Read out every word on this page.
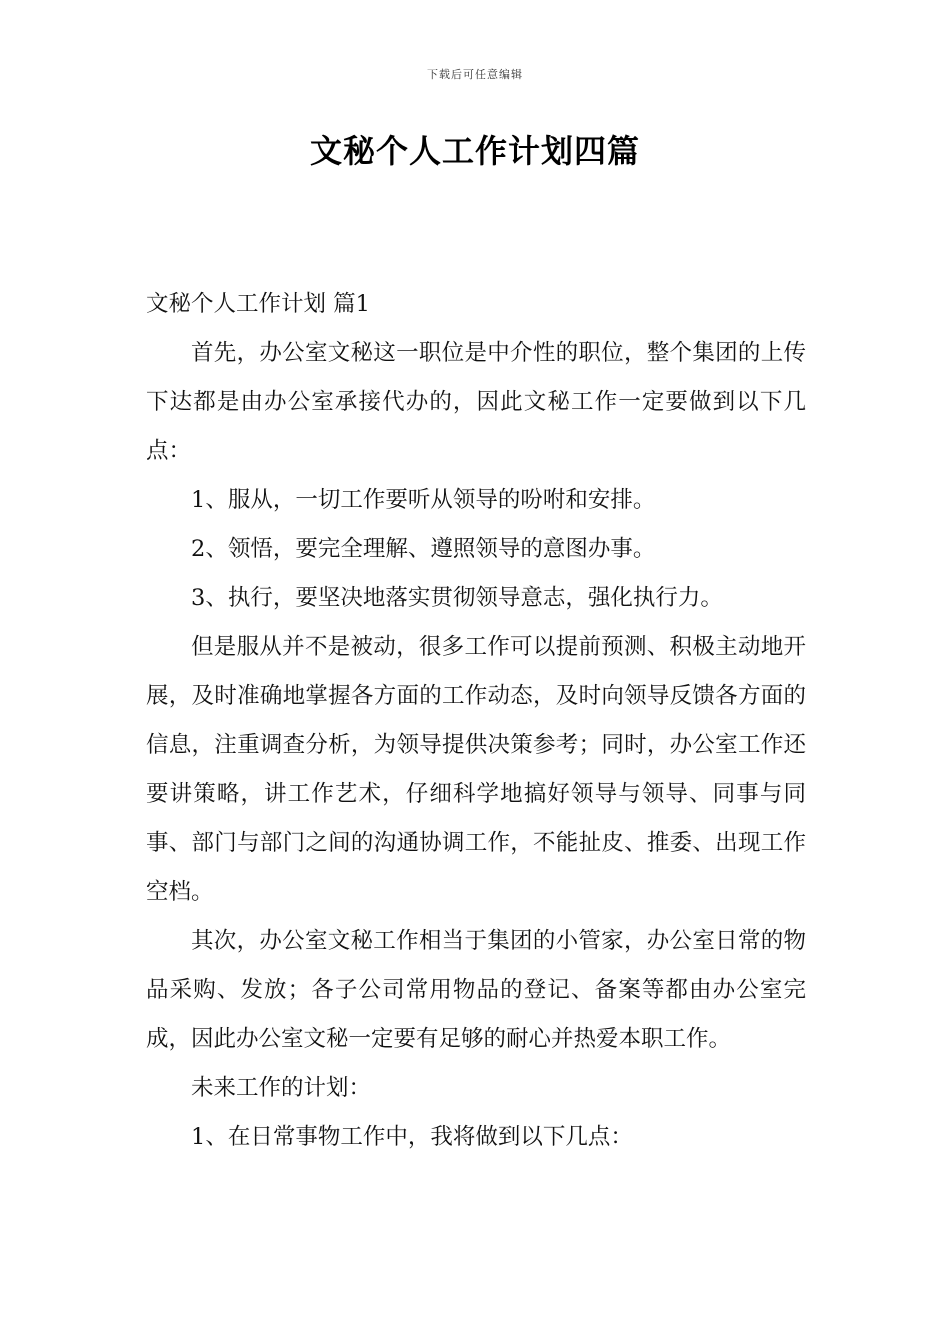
下载后可任意编辑
文秘个人工作计划四篇

文秘个人工作计划 篇1

首先，办公室文秘这一职位是中介性的职位，整个集团的上传下达都是由办公室承接代办的，因此文秘工作一定要做到以下几点：

1、服从，一切工作要听从领导的吩咐和安排。

2、领悟，要完全理解、遵照领导的意图办事。

3、执行，要坚决地落实贯彻领导意志，强化执行力。

但是服从并不是被动，很多工作可以提前预测、积极主动地开展，及时准确地掌握各方面的工作动态，及时向领导反馈各方面的信息，注重调查分析，为领导提供决策参考；同时，办公室工作还要讲策略，讲工作艺术，仔细科学地搞好领导与领导、同事与同事、部门与部门之间的沟通协调工作，不能扯皮、推委、出现工作空档。

其次，办公室文秘工作相当于集团的小管家，办公室日常的物品采购、发放；各子公司常用物品的登记、备案等都由办公室完成，因此办公室文秘一定要有足够的耐心并热爱本职工作。

未来工作的计划：

1、在日常事物工作中，我将做到以下几点：
